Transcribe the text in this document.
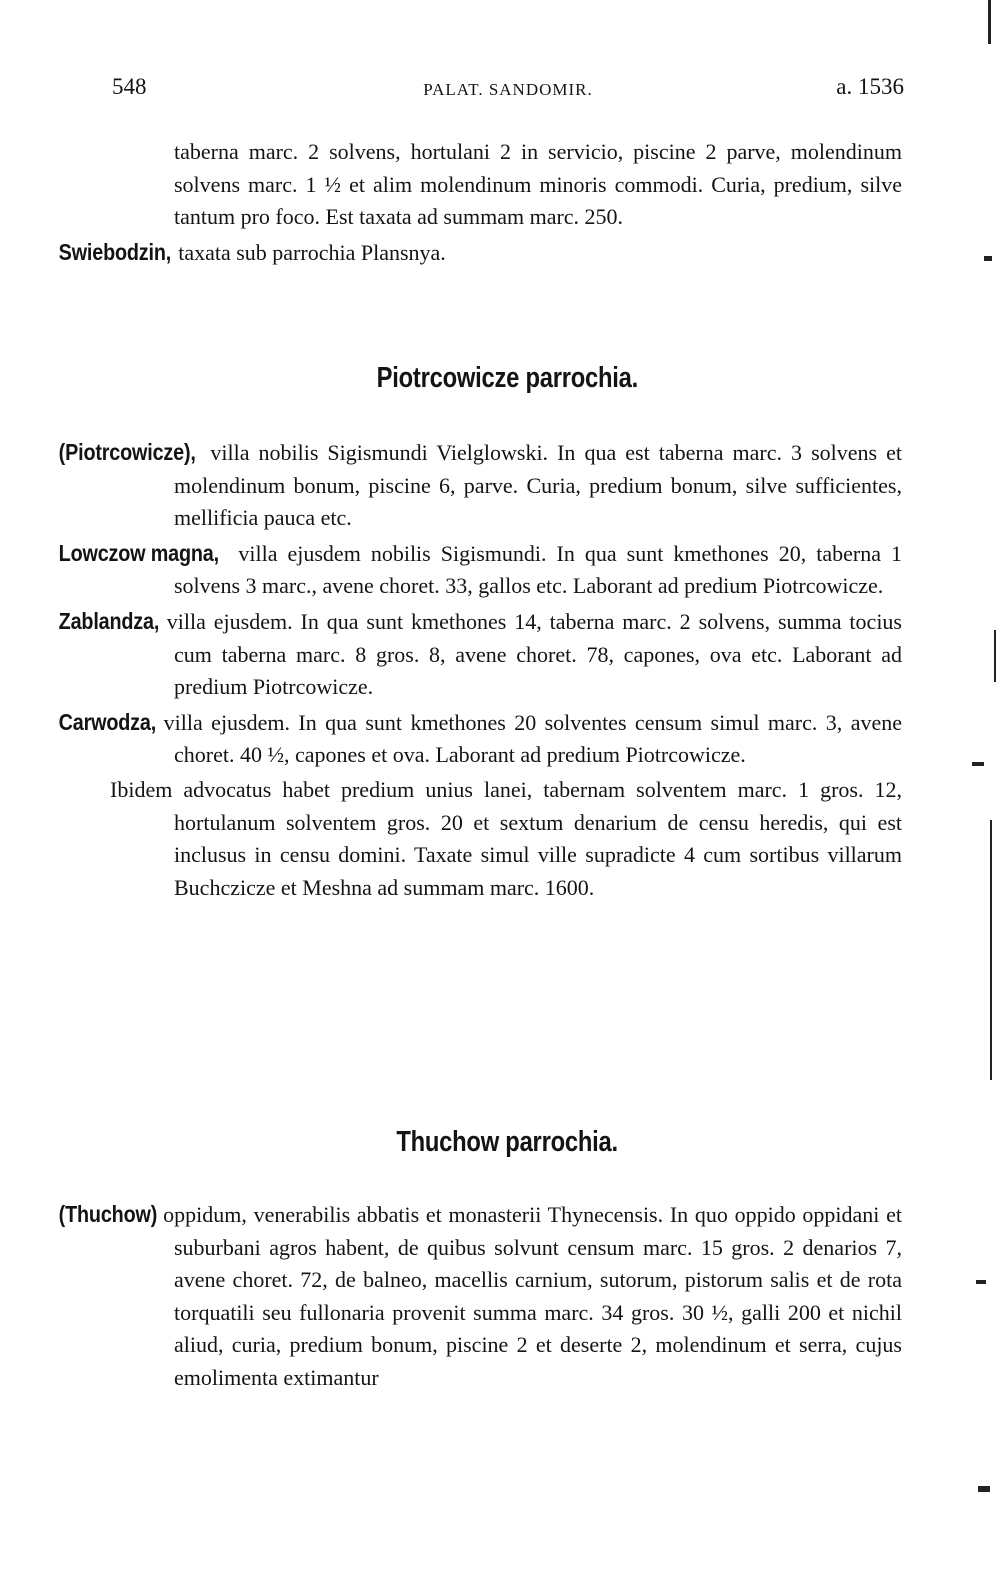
548	PALAT. SANDOMIR.	a. 1536

taberna marc. 2 solvens, hortulani 2 in servicio, piscine 2 parve, molendinum solvens marc. 1 ½ et alim molendinum minoris commodi. Curia, predium, silve tantum pro foco. Est taxata ad summam marc. 250.

Swiebodzin, taxata sub parrochia Plansnya.

Piotrcowicze parrochia.

(Piotrcowicze), villa nobilis Sigismundi Vielglowski. In qua est taberna marc. 3 solvens et molendinum bonum, piscine 6, parve. Curia, predium bonum, silve sufficientes, mellificia pauca etc.

Lowczow magna, villa ejusdem nobilis Sigismundi. In qua sunt kmethones 20, taberna 1 solvens 3 marc., avene choret. 33, gallos etc. Laborant ad predium Piotrcowicze.

Zablandza, villa ejusdem. In qua sunt kmethones 14, taberna marc. 2 solvens, summa tocius cum taberna marc. 8 gros. 8, avene choret. 78, capones, ova etc. Laborant ad predium Piotrcowicze.

Carwodza, villa ejusdem. In qua sunt kmethones 20 solventes censum simul marc. 3, avene choret. 40 ½, capones et ova. Laborant ad predium Piotrcowicze.

Ibidem advocatus habet predium unius lanei, tabernam solventem marc. 1 gros. 12, hortulanum solventem gros. 20 et sextum denarium de censu heredis, qui est inclusus in censu domini. Taxate simul ville supradicte 4 cum sortibus villarum Buchczicze et Meshna ad summam marc. 1600.

Thuchow parrochia.

(Thuchow) oppidum, venerabilis abbatis et monasterii Thynecensis. In quo oppido oppidani et suburbani agros habent, de quibus solvunt censum marc. 15 gros. 2 denarios 7, avene choret. 72, de balneo, macellis carnium, sutorum, pistorum salis et de rota torquatili seu fullonaria provenit summa marc. 34 gros. 30 ½, galli 200 et nichil aliud, curia, predium bonum, piscine 2 et deserte 2, molendinum et serra, cujus emolimenta extimantur
